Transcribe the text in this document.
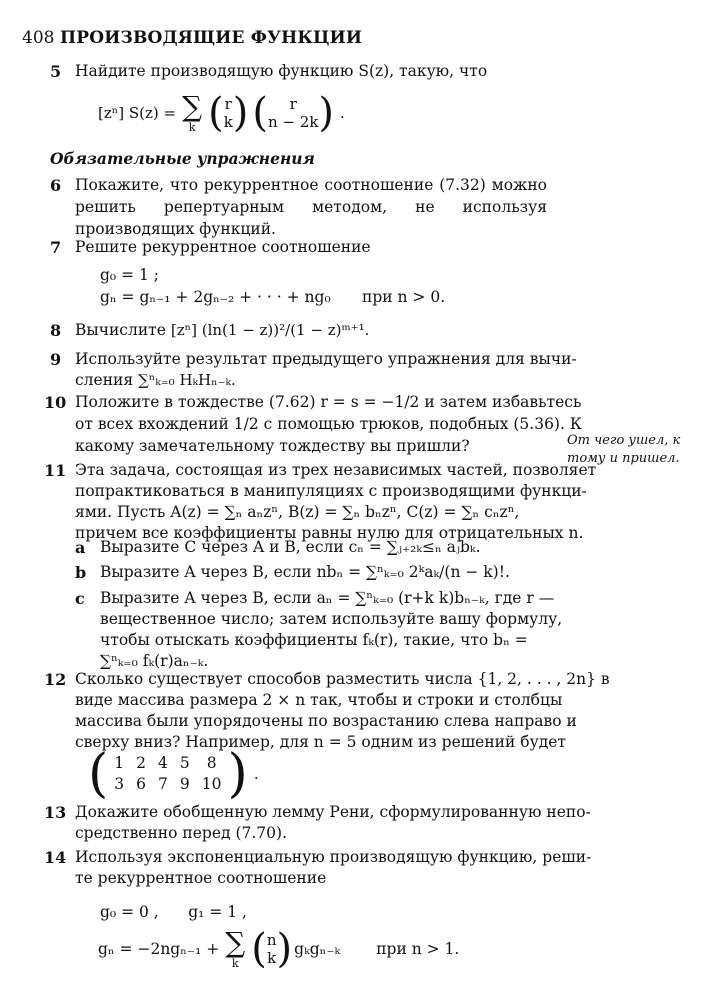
408 ПРОИЗВОДЯЩИЕ ФУНКЦИИ
5 Найдите производящую функцию S(z), такую, что
[zⁿ] S(z) = ∑
k ( r
k ) (	r
n − 2k ) .
Обязательные упражнения
6 Покажите, что рекуррентное соотношение (7.32) можно решить репертуарным методом, не используя производящих функций.
7 Решите рекуррентное соотношение
g₀ = 1 ;
gₙ = gₙ₋₁ + 2gₙ₋₂ + · · · + ng₀ при n > 0.
8 Вычислите [zⁿ] (ln(1 − z))²/(1 − z)ᵐ⁺¹.
9 Используйте результат предыдущего упражнения для вычи-
сления ∑ⁿₖ₌₀ HₖHₙ₋ₖ.
10 Положите в тождестве (7.62) r = s = −1/2 и затем избавьтесь
от всех вхождений 1/2 с помощью трюков, подобных (5.36). К
какому замечательному тождеству вы пришли?	От чего ушел, к тому и пришел.
11 Эта задача, состоящая из трех независимых частей, позволяет
попрактиковаться в манипуляциях с производящими функци-
ями. Пусть A(z) = ∑ₙ aₙzⁿ, B(z) = ∑ₙ bₙzⁿ, C(z) = ∑ₙ cₙzⁿ,
причем все коэффициенты равны нулю для отрицательных n.
a Выразите C через A и B, если cₙ = ∑ⱼ₊₂ₖ≤ₙ aⱼbₖ.
b Выразите A через B, если nbₙ = ∑ⁿₖ₌₀ 2ᵏaₖ/(n − k)!.
c Выразите A через B, если aₙ = ∑ⁿₖ₌₀ (r+k k)bₙ₋ₖ, где r —
вещественное число; затем используйте вашу формулу,
чтобы отыскать коэффициенты fₖ(r), такие, что bₙ =
∑ⁿₖ₌₀ fₖ(r)aₙ₋ₖ.
12 Сколько существует способов разместить числа {1, 2, . . . , 2n} в
виде массива размера 2 × n так, чтобы и строки и столбцы
массива были упорядочены по возрастанию слева направо и
сверху вниз? Например, для n = 5 одним из решений будет
( 1	2	4	5	8
3	6	7	9	10 ) .
13 Докажите обобщенную лемму Рени, сформулированную непо-
средственно перед (7.70).
14 Используя экспоненциальную производящую функцию, реши-
те рекуррентное соотношение
g₀ = 0 ,      g₁ = 1 ,
gₙ = −2ngₙ₋₁ + ∑
k ( n
k ) gₖgₙ₋ₖ при n > 1.
